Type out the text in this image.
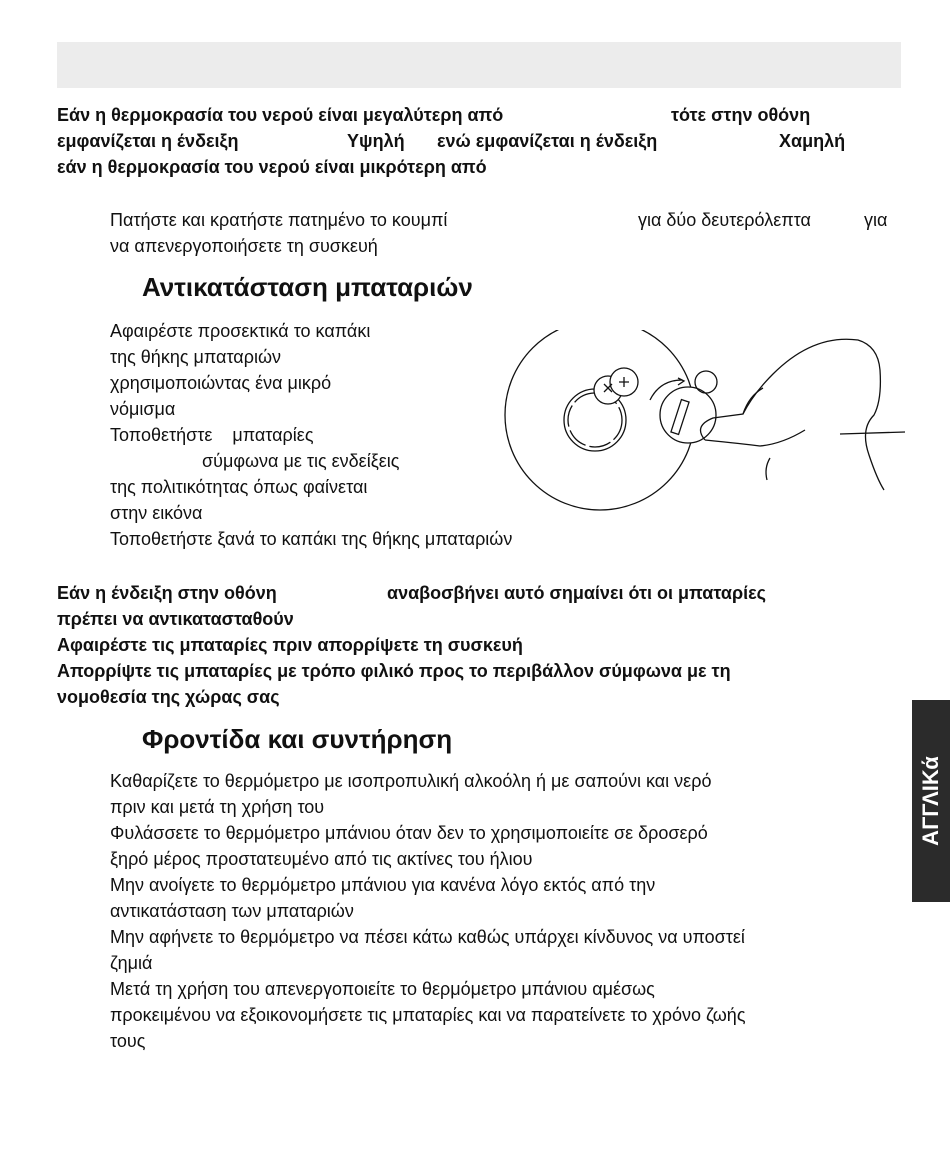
Εάν η θερμοκρασία του νερού είναι μεγαλύτερη από	τότε στην οθόνη
εμφανίζεται η ένδειξη	Υψηλή ενώ εμφανίζεται η ένδειξη	Χαμηλή
εάν η θερμοκρασία του νερού είναι μικρότερη από
Πατήστε και κρατήστε πατημένο το κουμπί	για δύο δευτερόλεπτα	για
να απενεργοποιήσετε τη συσκευή
Αντικατάσταση μπαταριών
Αφαιρέστε προσεκτικά το καπάκι
της θήκης μπαταριών
χρησιμοποιώντας ένα μικρό
νόμισμα
Τοποθετήστε    μπαταρίες
σύμφωνα με τις ενδείξεις
της πολιτικότητας όπως φαίνεται
στην εικόνα
Τοποθετήστε ξανά το καπάκι της θήκης μπαταριών
Εάν η ένδειξη στην οθόνη	αναβοσβήνει αυτό σημαίνει ότι οι μπαταρίες
πρέπει να αντικατασταθούν
Αφαιρέστε τις μπαταρίες πριν απορρίψετε τη συσκευή
Απορρίψτε τις μπαταρίες με τρόπο φιλικό προς το περιβάλλον σύμφωνα με τη
νομοθεσία της χώρας σας
Φροντίδα και συντήρηση
Καθαρίζετε το θερμόμετρο με ισοπροπυλική αλκοόλη ή με σαπούνι και νερό
πριν και μετά τη χρήση του
Φυλάσσετε το θερμόμετρο μπάνιου όταν δεν το χρησιμοποιείτε σε δροσερό
ξηρό μέρος προστατευμένο από τις ακτίνες του ήλιου
Μην ανοίγετε το θερμόμετρο μπάνιου για κανένα λόγο εκτός από την
αντικατάσταση των μπαταριών
Μην αφήνετε το θερμόμετρο να πέσει κάτω καθώς υπάρχει κίνδυνος να υποστεί
ζημιά
Μετά τη χρήση του απενεργοποιείτε το θερμόμετρο μπάνιου αμέσως
προκειμένου να εξοικονομήσετε τις μπαταρίες και να παρατείνετε το χρόνο ζωής
τους
ΑΓΓΛΙΚά
